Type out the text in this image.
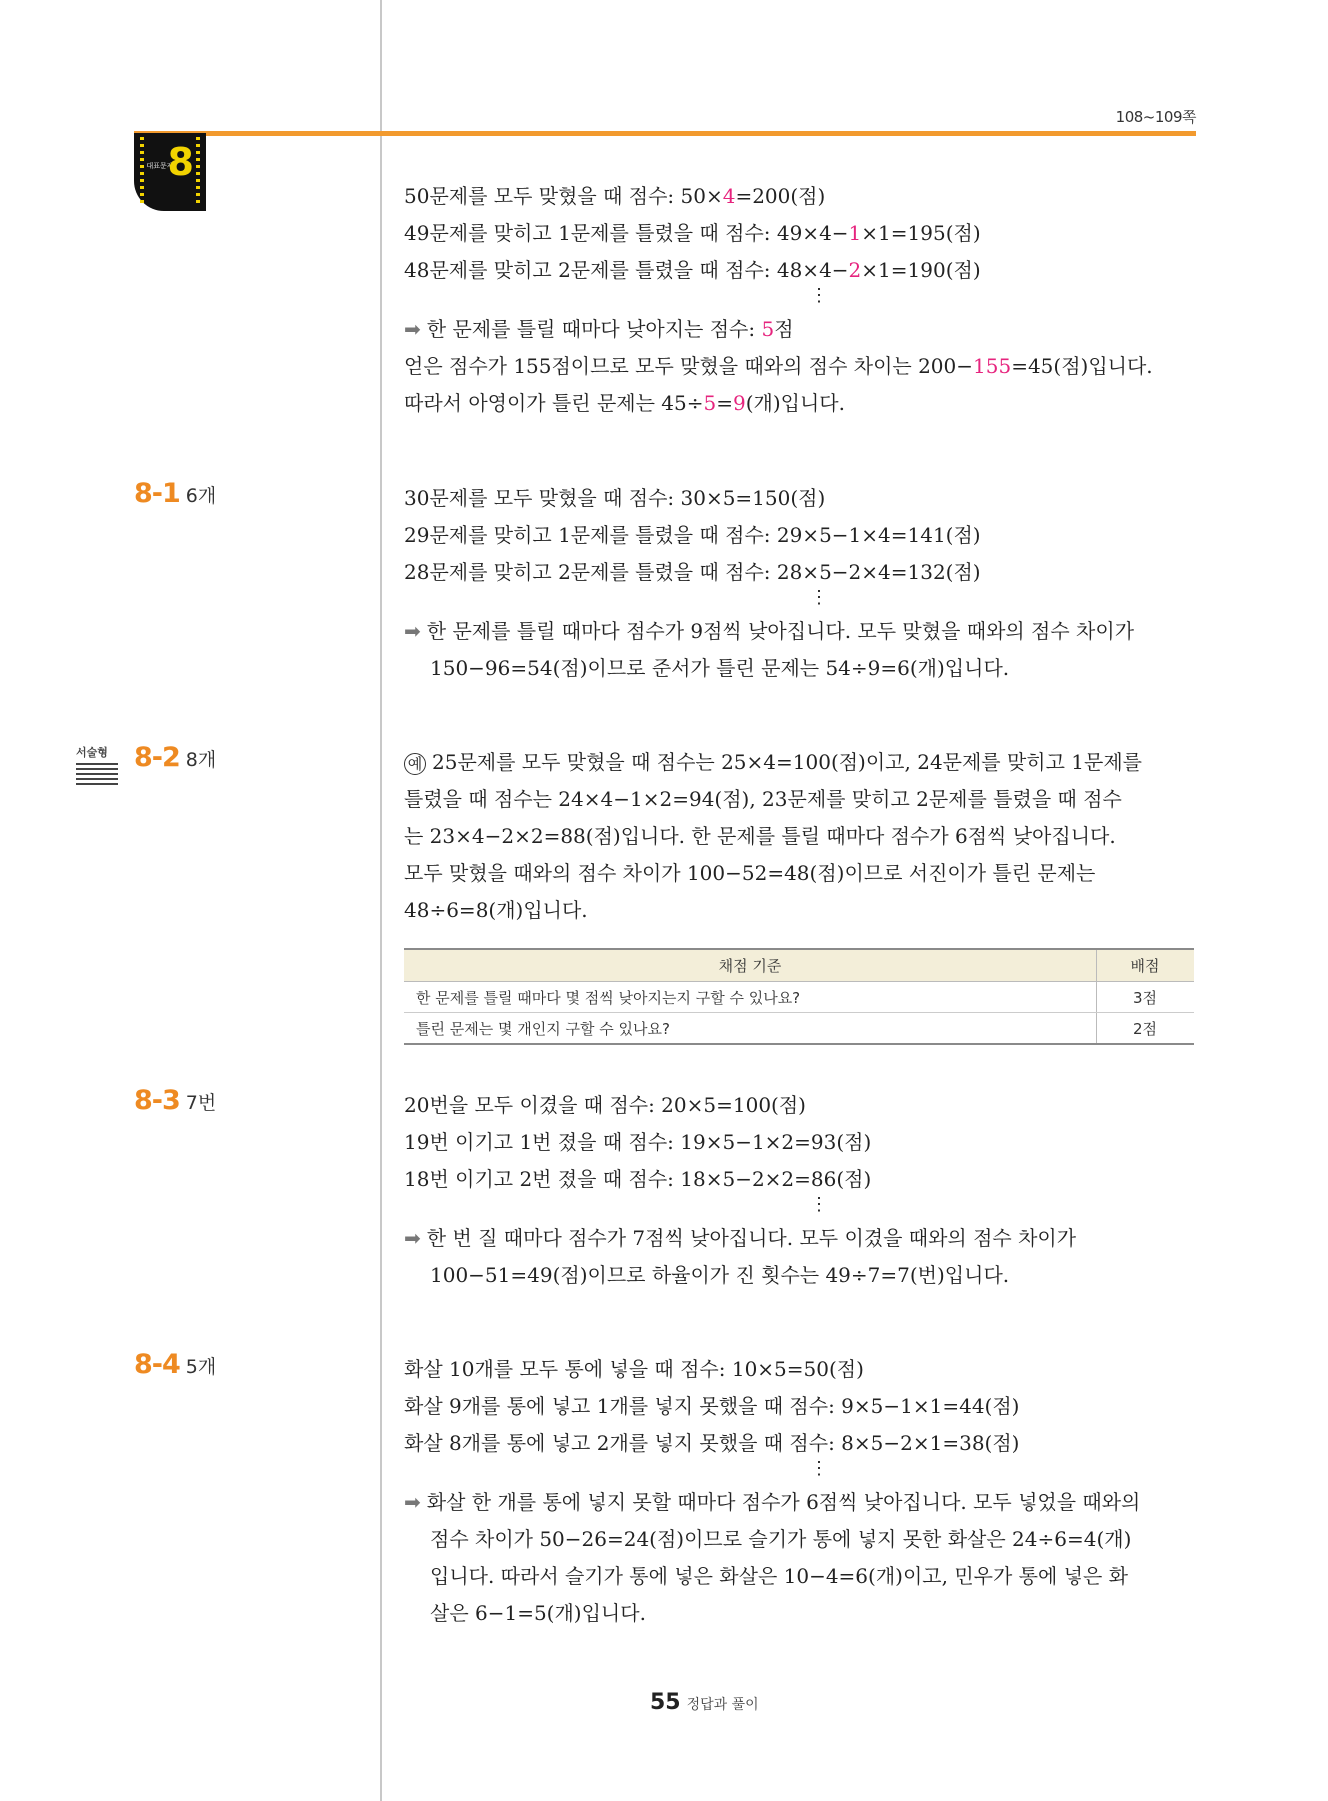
108~109쪽
대표문제
8
50문제를 모두 맞혔을 때 점수: 50×4=200(점)
49문제를 맞히고 1문제를 틀렸을 때 점수: 49×4−1×1=195(점)
48문제를 맞히고 2문제를 틀렸을 때 점수: 48×4−2×1=190(점)
⋮
➡ 한 문제를 틀릴 때마다 낮아지는 점수: 5점
얻은 점수가 155점이므로 모두 맞혔을 때와의 점수 차이는 200−155=45(점)입니다.
따라서 아영이가 틀린 문제는 45÷5=9(개)입니다.
8-1 6개	30문제를 모두 맞혔을 때 점수: 30×5=150(점)
29문제를 맞히고 1문제를 틀렸을 때 점수: 29×5−1×4=141(점)
28문제를 맞히고 2문제를 틀렸을 때 점수: 28×5−2×4=132(점)
⋮
➡ 한 문제를 틀릴 때마다 점수가 9점씩 낮아집니다. 모두 맞혔을 때와의 점수 차이가
150−96=54(점)이므로 준서가 틀린 문제는 54÷9=6(개)입니다.
서술형 8-2 8개	예 25문제를 모두 맞혔을 때 점수는 25×4=100(점)이고, 24문제를 맞히고 1문제를
틀렸을 때 점수는 24×4−1×2=94(점), 23문제를 맞히고 2문제를 틀렸을 때 점수
는 23×4−2×2=88(점)입니다. 한 문제를 틀릴 때마다 점수가 6점씩 낮아집니다.
모두 맞혔을 때와의 점수 차이가 100−52=48(점)이므로 서진이가 틀린 문제는
48÷6=8(개)입니다.
채점 기준	배점
한 문제를 틀릴 때마다 몇 점씩 낮아지는지 구할 수 있나요?	3점
틀린 문제는 몇 개인지 구할 수 있나요?	2점
8-3 7번	20번을 모두 이겼을 때 점수: 20×5=100(점)
19번 이기고 1번 졌을 때 점수: 19×5−1×2=93(점)
18번 이기고 2번 졌을 때 점수: 18×5−2×2=86(점)
⋮
➡ 한 번 질 때마다 점수가 7점씩 낮아집니다. 모두 이겼을 때와의 점수 차이가
100−51=49(점)이므로 하율이가 진 횟수는 49÷7=7(번)입니다.
8-4 5개	화살 10개를 모두 통에 넣을 때 점수: 10×5=50(점)
화살 9개를 통에 넣고 1개를 넣지 못했을 때 점수: 9×5−1×1=44(점)
화살 8개를 통에 넣고 2개를 넣지 못했을 때 점수: 8×5−2×1=38(점)
⋮
➡ 화살 한 개를 통에 넣지 못할 때마다 점수가 6점씩 낮아집니다. 모두 넣었을 때와의
점수 차이가 50−26=24(점)이므로 슬기가 통에 넣지 못한 화살은 24÷6=4(개)
입니다. 따라서 슬기가 통에 넣은 화살은 10−4=6(개)이고, 민우가 통에 넣은 화
살은 6−1=5(개)입니다.
55 정답과 풀이
